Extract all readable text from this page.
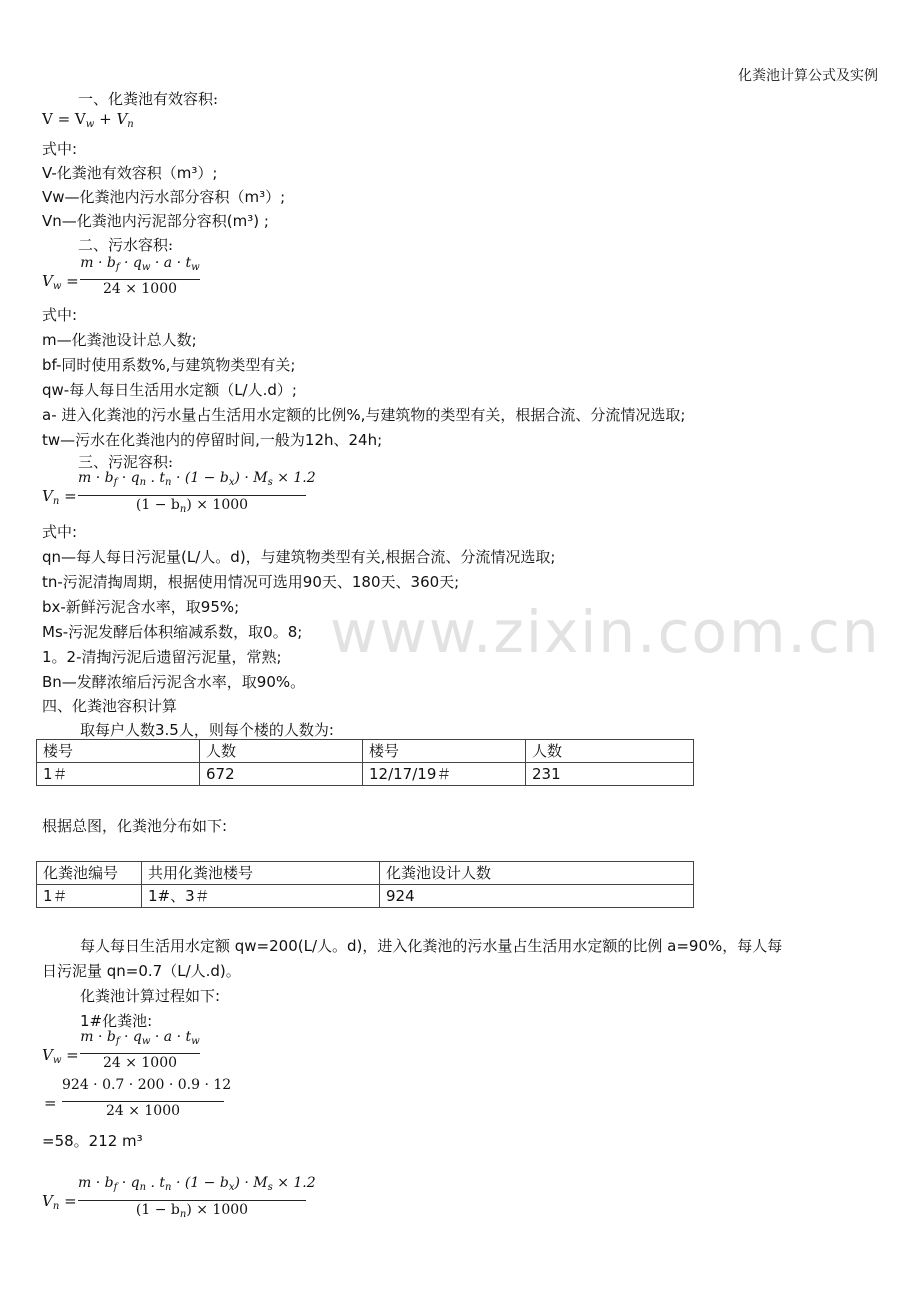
化粪池计算公式及实例
www.zixin.com.cn
一、化粪池有效容积:
$V = V_w + V_n$
式中:
V-化粪池有效容积（m³）;
Vw—化粪池内污水部分容积（m³）;
Vn—化粪池内污泥部分容积(m³) ;
二、污水容积:
$V_w$ =
$m \cdot b_f \cdot q_w \cdot a \cdot t_w$
24 × 1000
式中:
m—化粪池设计总人数;
bf-同时使用系数%,与建筑物类型有关;
qw-每人每日生活用水定额（L/人.d）;
a- 进入化粪池的污水量占生活用水定额的比例%,与建筑物的类型有关，根据合流、分流情况选取;
tw—污水在化粪池内的停留时间,一般为12h、24h;
三、污泥容积:
$V_n$ =
$m \cdot b_f \cdot q_n$ . $t_n \cdot (1 - b_x) \cdot M_s \times 1.2$
$(1 - b_n) \times 1000$
式中:
qn—每人每日污泥量(L/人。d)，与建筑物类型有关,根据合流、分流情况选取;
tn-污泥清掏周期，根据使用情况可选用90天、180天、360天;
bx-新鲜污泥含水率，取95%;
Ms-污泥发酵后体积缩减系数，取0。8;
1。2-清掏污泥后遗留污泥量，常熟;
Bn—发酵浓缩后污泥含水率，取90%。
四、化粪池容积计算
取每户人数3.5人，则每个楼的人数为:
楼号	人数	楼号	人数
1＃	672	12/17/19＃	231
根据总图，化粪池分布如下:
化粪池编号	共用化粪池楼号	化粪池设计人数
1＃	1#、3＃	924
每人每日生活用水定额 qw=200(L/人。d)，进入化粪池的污水量占生活用水定额的比例 a=90%，每人每
日污泥量 qn=0.7（L/人.d)。
化粪池计算过程如下:
1#化粪池:
$V_w$ =
$m \cdot b_f \cdot q_w \cdot a \cdot t_w$
24 × 1000
=
924 · 0.7 · 200 · 0.9 · 12
24 × 1000
=58。212 m³
$V_n$ =
$m \cdot b_f \cdot q_n$ . $t_n \cdot (1 - b_x) \cdot M_s \times 1.2$
$(1 - b_n) \times 1000$
